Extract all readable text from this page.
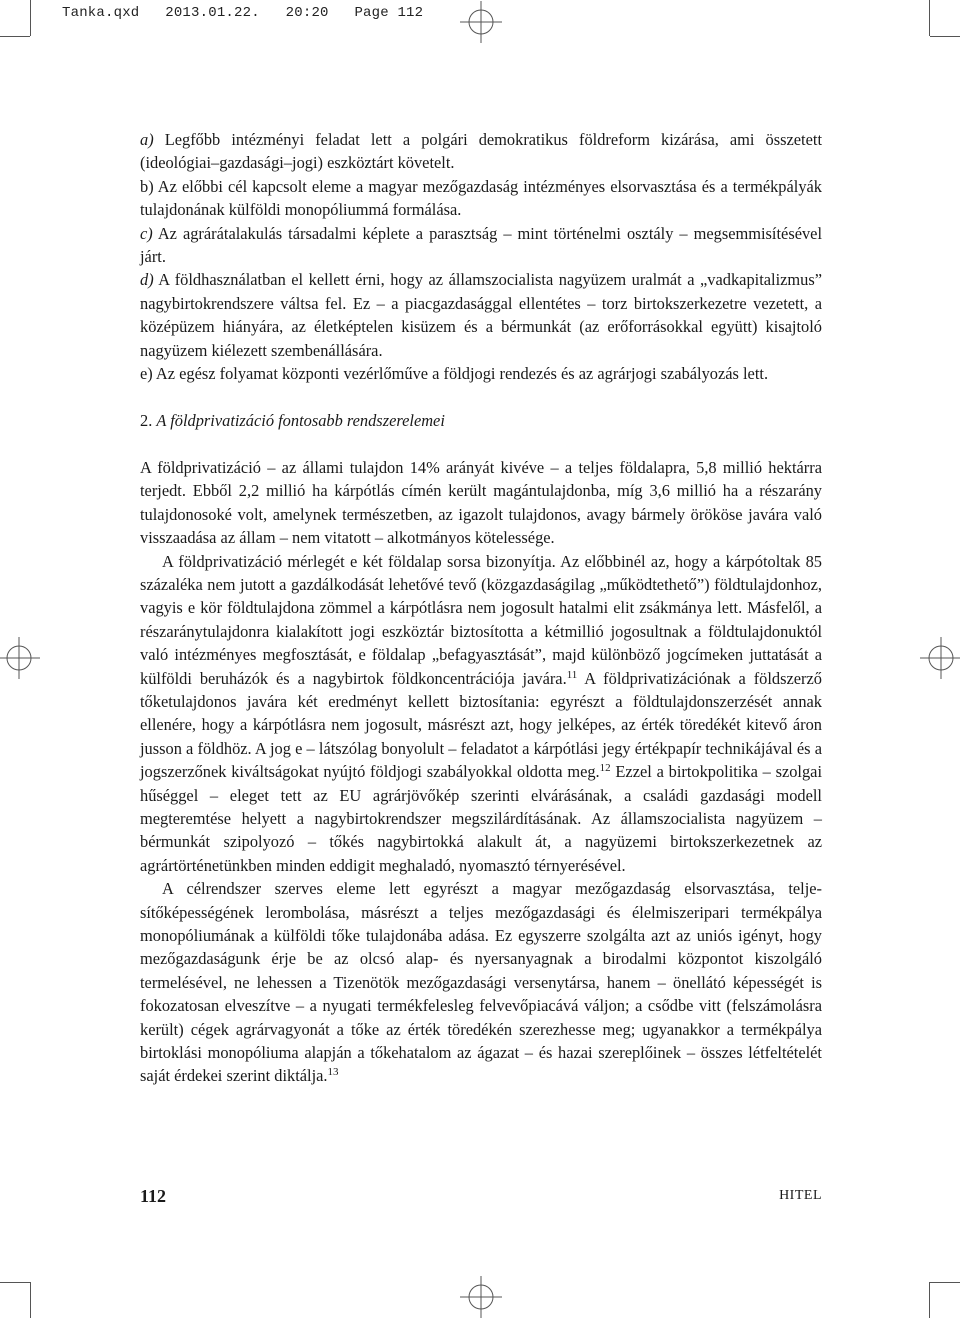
Tanka.qxd   2013.01.22.   20:20   Page 112

a) Legfőbb intézményi feladat lett a polgári demokratikus földreform kizárása, ami összetett (ideológiai–gazdasági–jogi) eszköztárt követelt.

b) Az előbbi cél kapcsolt eleme a magyar mezőgazdaság intézményes elsorvasztása és a termékpályák tulajdonának külföldi monopóliummá formálása.

c) Az agrárátalakulás társadalmi képlete a parasztság – mint történelmi osztály – megsemmisítésével járt.

d) A földhasználatban el kellett érni, hogy az államszocialista nagyüzem uralmát a „vadkapitalizmus” nagybirtokrendszere váltsa fel. Ez – a piacgazdasággal ellentétes – torz birtokszerkezetre vezetett, a középüzem hiányára, az életképtelen kisüzem és a bérmunkát (az erőforrásokkal együtt) kisajtoló nagyüzem kiélezett szembenállására.

e) Az egész folyamat központi vezérlőműve a földjogi rendezés és az agrárjogi szabályozás lett.

2. A földprivatizáció fontosabb rendszerelemei

A földprivatizáció – az állami tulajdon 14% arányát kivéve – a teljes földalapra, 5,8 millió hektárra terjedt. Ebből 2,2 millió ha kárpótlás címén került magántulajdonba, míg 3,6 millió ha a részarány tulajdonosoké volt, amelynek természetben, az igazolt tulajdonos, avagy bármely örököse javára való visszaadása az állam – nem vitatott – alkotmányos kötelessége.

A földprivatizáció mérlegét e két földalap sorsa bizonyítja. Az előbbinél az, hogy a kárpótoltak 85 százaléka nem jutott a gazdálkodását lehetővé tevő (közgazdaságilag „működtethető”) földtulajdonhoz, vagyis e kör földtulajdona zömmel a kárpótlásra nem jogosult hatalmi elit zsákmánya lett. Másfelől, a részaránytulajdonra kialakított jogi eszköztár biztosította a kétmillió jogosultnak a földtulajdonuktól való intézményes megfosztását, e földalap „befagyasztását”, majd különböző jogcímeken juttatását a külföldi beruházók és a nagybirtok földkoncentrációja javára.$^{11}$ A földprivatizációnak a földszerző tőketulajdonos javára két eredményt kellett biztosítania: egyrészt a földtulajdonszerzését annak ellenére, hogy a kárpótlásra nem jogosult, másrészt azt, hogy jelképes, az érték töredékét kitevő áron jusson a földhöz. A jog e – látszólag bonyolult – feladatot a kárpótlási jegy értékpapír technikájával és a jogszerzőnek kiváltságokat nyújtó földjogi szabályokkal oldotta meg.$^{12}$ Ezzel a birtokpolitika – szolgai hűséggel – eleget tett az EU agrárjövőkép szerinti elvárásának, a családi gazdasági modell megteremtése helyett a nagybirtokrendszer megszilárdításának. Az államszocialista nagyüzem – bérmunkát szipolyozó – tőkés nagybirtokká alakult át, a nagyüzemi birtokszerkezetnek az agrártörténetünkben minden eddigit meghaladó, nyomasztó térnyerésével.

A célrendszer szerves eleme lett egyrészt a magyar mezőgazdaság elsorvasztása, teljesítőképességének lerombolása, másrészt a teljes mezőgazdasági és élelmiszeripari termékpálya monopóliumának a külföldi tőke tulajdonába adása. Ez egyszerre szolgálta azt az uniós igényt, hogy mezőgazdaságunk érje be az olcsó alap- és nyersanyagnak a birodalmi központot kiszolgáló termelésével, ne lehessen a Tizenötök mezőgazdasági versenytársa, hanem – önellátó képességét is fokozatosan elveszítve – a nyugati termékfelesleg felvevőpiacává váljon; a csődbe vitt (felszámolásra került) cégek agrárvagyonát a tőke az érték töredékén szerezhesse meg; ugyanakkor a termékpálya birtoklási monopóliuma alapján a tőkehatalom az ágazat – és hazai szereplőinek – összes létfeltételét saját érdekei szerint diktálja.$^{13}$

112	HITEL
